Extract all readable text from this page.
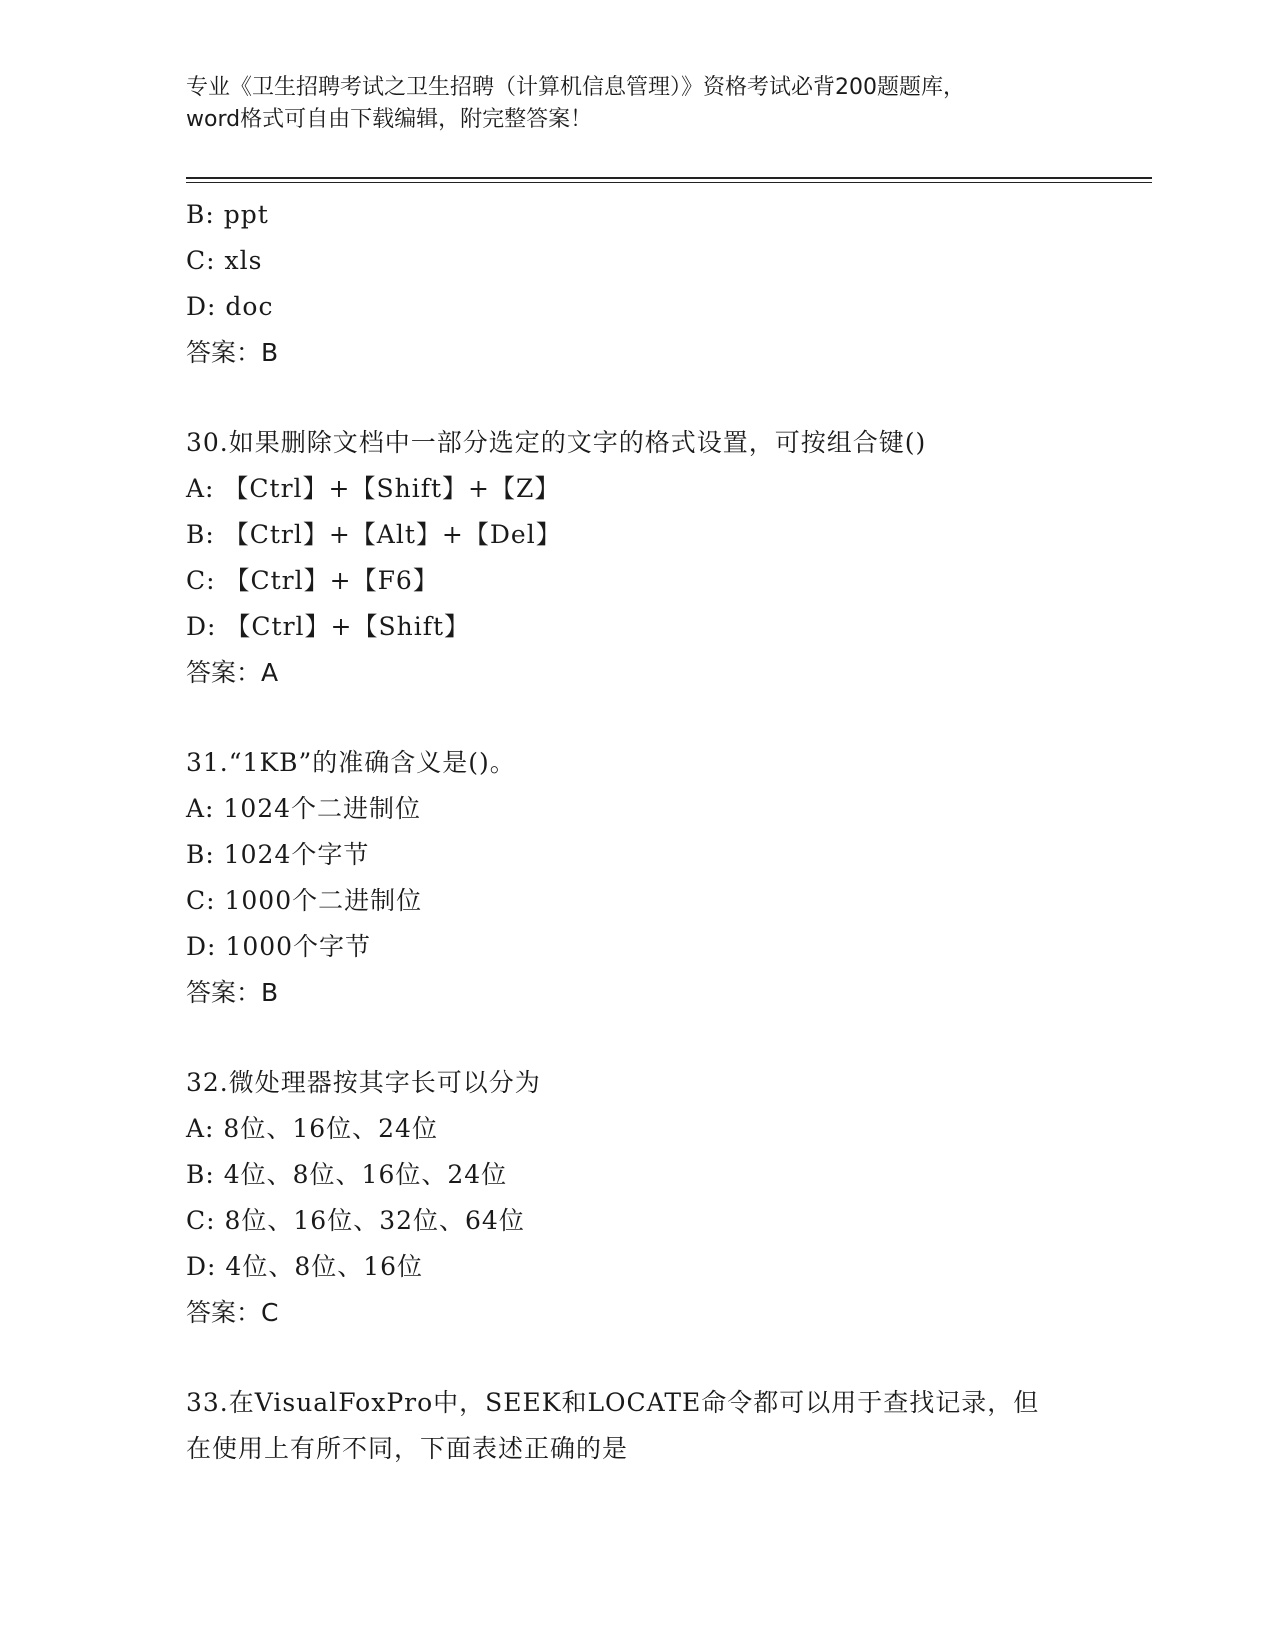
专业《卫生招聘考试之卫生招聘（计算机信息管理）》资格考试必背200题题库，
word格式可自由下载编辑，附完整答案！
B: ppt
C: xls
D: doc
答案：B
30.如果删除文档中一部分选定的文字的格式设置，可按组合键()
A: 【Ctrl】+【Shift】+【Z】
B: 【Ctrl】+【Alt】+【Del】
C: 【Ctrl】+【F6】
D: 【Ctrl】+【Shift】
答案：A
31.“1KB”的准确含义是()。
A: 1024个二进制位
B: 1024个字节
C: 1000个二进制位
D: 1000个字节
答案：B
32.微处理器按其字长可以分为
A: 8位、16位、24位
B: 4位、8位、16位、24位
C: 8位、16位、32位、64位
D: 4位、8位、16位
答案：C
33.在VisualFoxPro中，SEEK和LOCATE命令都可以用于查找记录，但
在使用上有所不同，下面表述正确的是
